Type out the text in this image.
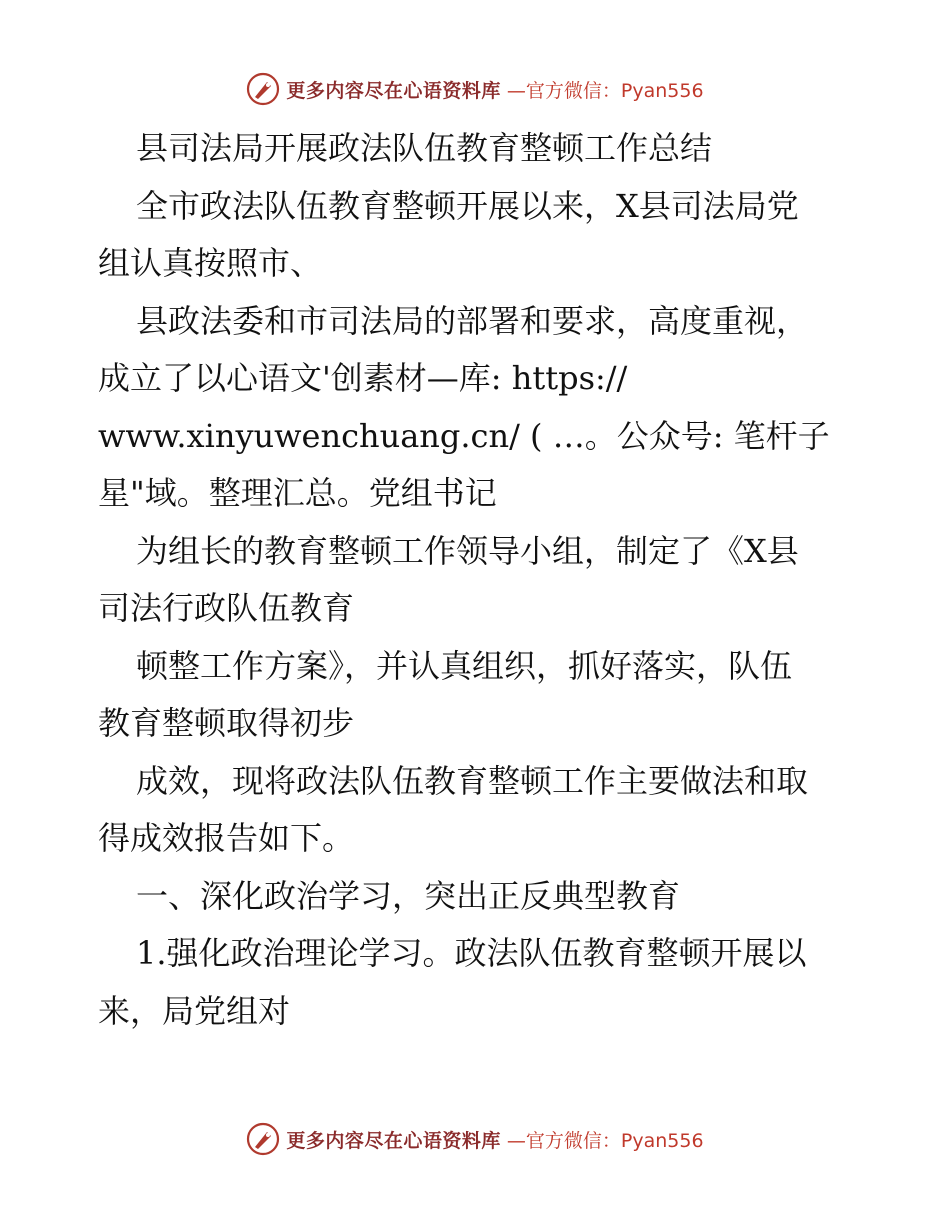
更多内容尽在心语资料库 —官方微信：Pyan556
县司法局开展政法队伍教育整顿工作总结
全市政法队伍教育整顿开展以来，X县司法局党
组认真按照市、
县政法委和市司法局的部署和要求，高度重视，
成立了以心语文'创素材—库: https://
www.xinyuwenchuang.cn/ ( …。公众号: 笔杆子
星"域。整理汇总。党组书记
为组长的教育整顿工作领导小组，制定了《X县
司法行政队伍教育
顿整工作方案》，并认真组织，抓好落实，队伍
教育整顿取得初步
成效，现将政法队伍教育整顿工作主要做法和取
得成效报告如下。
一、深化政治学习，突出正反典型教育
1.强化政治理论学习。政法队伍教育整顿开展以
来，局党组对
更多内容尽在心语资料库 —官方微信：Pyan556
